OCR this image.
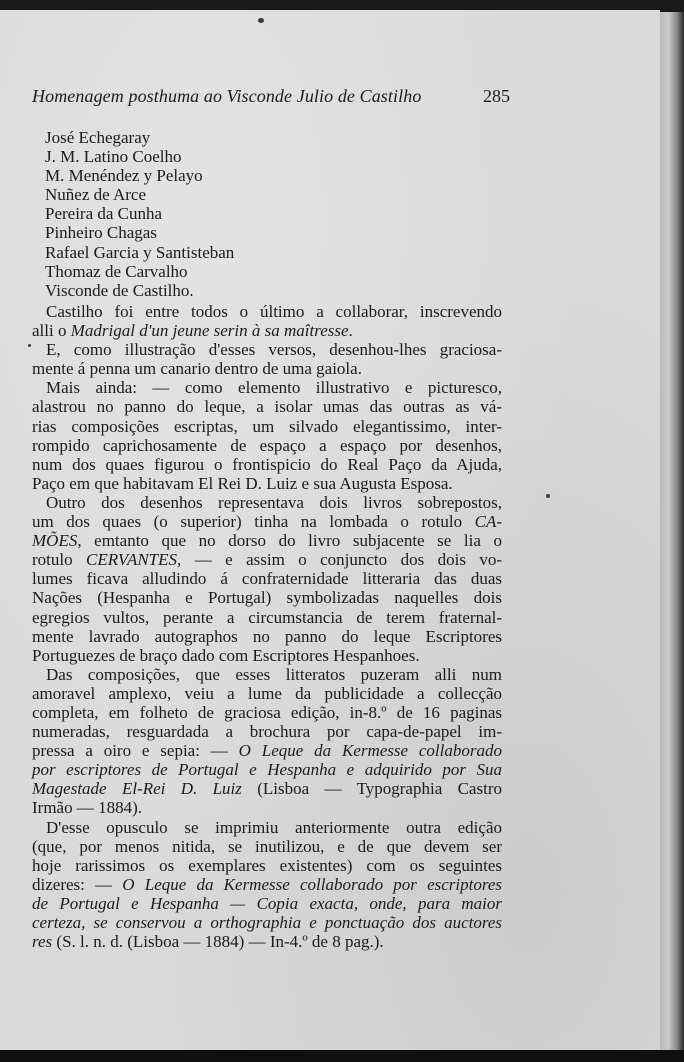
Homenagem posthuma ao Visconde Julio de Castilho	285
José Echegaray
J. M. Latino Coelho
M. Menéndez y Pelayo
Nuñez de Arce
Pereira da Cunha
Pinheiro Chagas
Rafael Garcia y Santisteban
Thomaz de Carvalho
Visconde de Castilho.
Castilho foi entre todos o último a collaborar, inscrevendo
alli o Madrigal d'un jeune serin à sa maîtresse.
E, como illustração d'esses versos, desenhou-lhes graciosa-
mente á penna um canario dentro de uma gaiola.
Mais ainda: — como elemento illustrativo e picturesco,
alastrou no panno do leque, a isolar umas das outras as vá-
rias composições escriptas, um silvado elegantissimo, inter-
rompido caprichosamente de espaço a espaço por desenhos,
num dos quaes figurou o frontispicio do Real Paço da Ajuda,
Paço em que habitavam El Rei D. Luiz e sua Augusta Esposa.
Outro dos desenhos representava dois livros sobrepostos,
um dos quaes (o superior) tinha na lombada o rotulo CA-
MÕES, emtanto que no dorso do livro subjacente se lia o
rotulo CERVANTES, — e assim o conjuncto dos dois vo-
lumes ficava alludindo á confraternidade litteraria das duas
Nações (Hespanha e Portugal) symbolizadas naquelles dois
egregios vultos, perante a circumstancia de terem fraternal-
mente lavrado autographos no panno do leque Escriptores
Portuguezes de braço dado com Escriptores Hespanhoes.
Das composições, que esses litteratos puzeram alli num
amoravel amplexo, veiu a lume da publicidade a collecção
completa, em folheto de graciosa edição, in-8.º de 16 paginas
numeradas, resguardada a brochura por capa-de-papel im-
pressa a oiro e sepia: — O Leque da Kermesse collaborado
por escriptores de Portugal e Hespanha e adquirido por Sua
Magestade El-Rei D. Luiz (Lisboa — Typographia Castro
Irmão — 1884).
D'esse opusculo se imprimiu anteriormente outra edição
(que, por menos nitida, se inutilizou, e de que devem ser
hoje rarissimos os exemplares existentes) com os seguintes
dizeres: — O Leque da Kermesse collaborado por escriptores
de Portugal e Hespanha — Copia exacta, onde, para maior
certeza, se conservou a orthographia e ponctuação dos auctores
res (S. l. n. d. (Lisboa — 1884) — In-4.º de 8 pag.).
